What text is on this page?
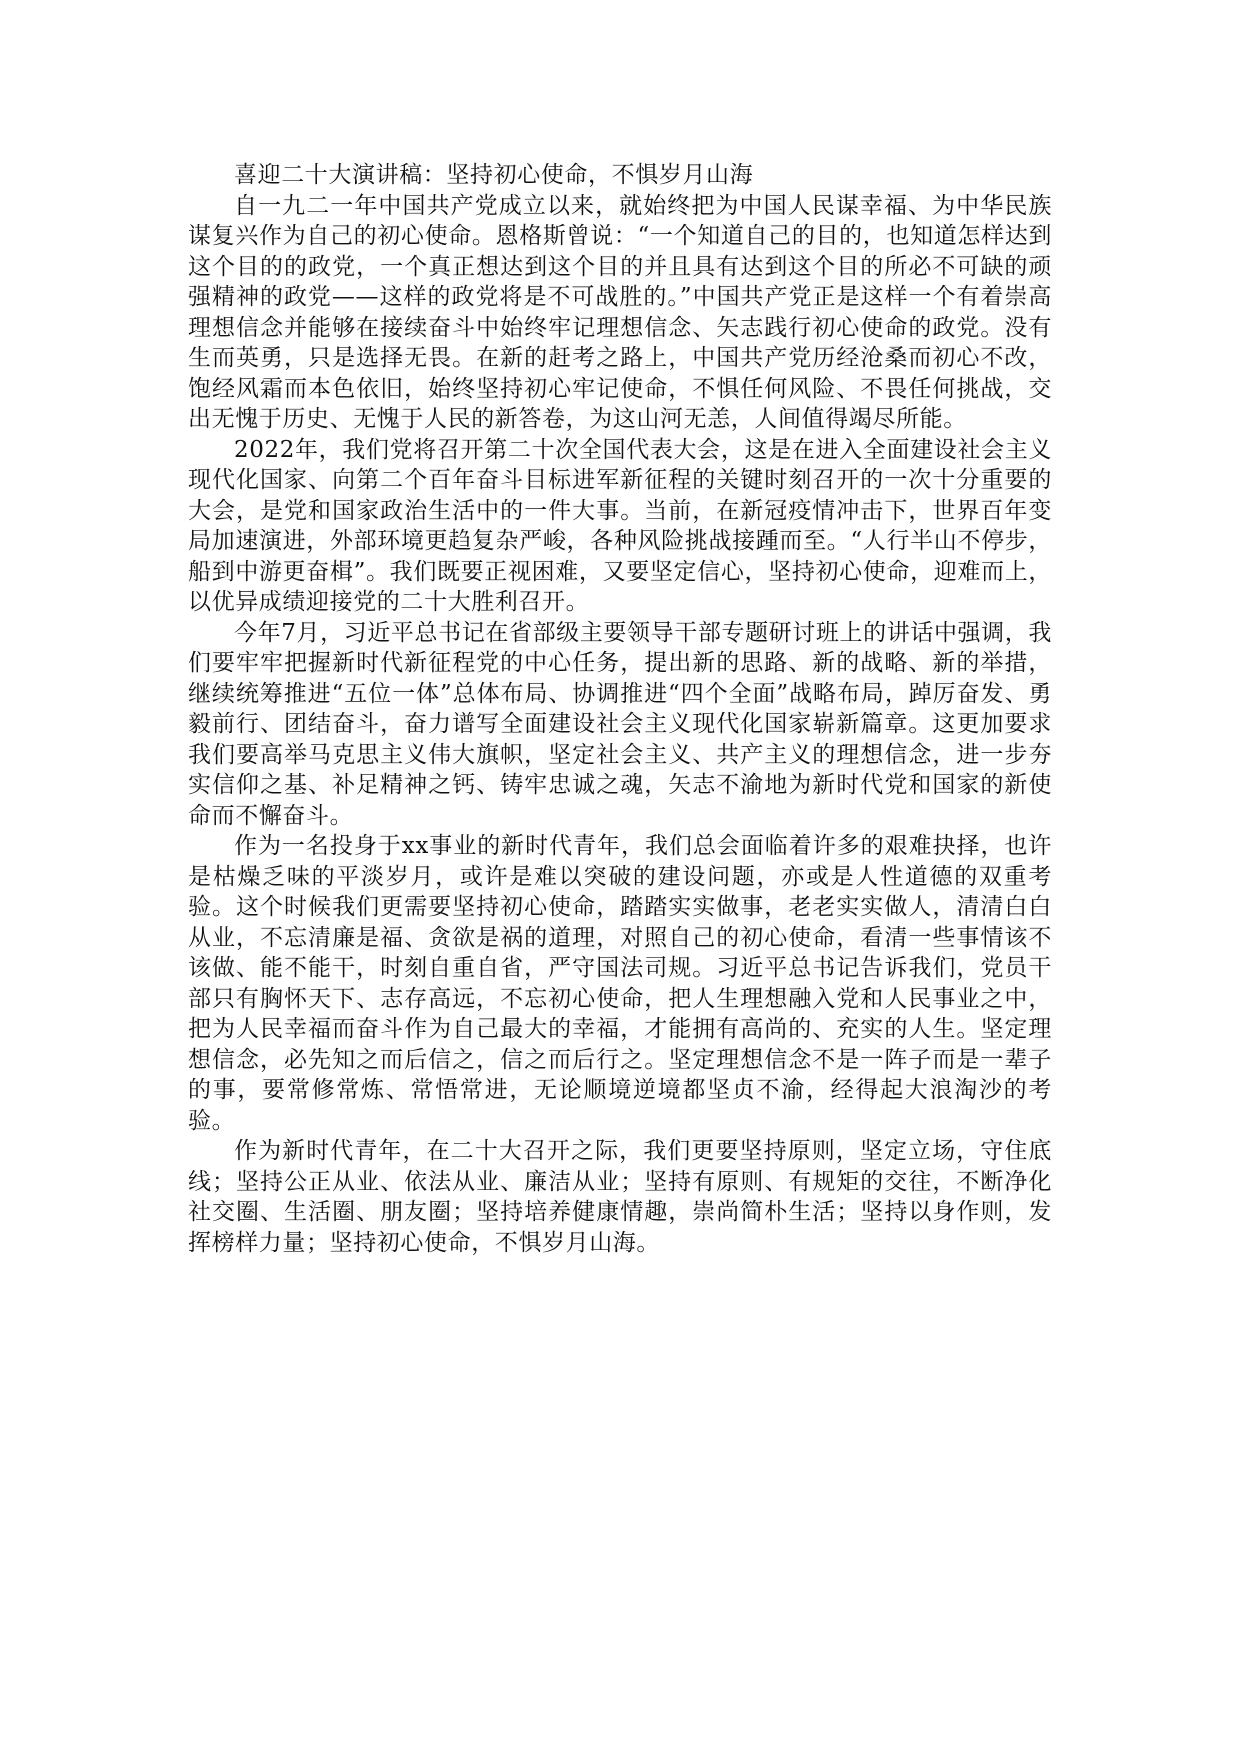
喜迎二十大演讲稿：坚持初心使命，不惧岁月山海

自一九二一年中国共产党成立以来，就始终把为中国人民谋幸福、为中华民族谋复兴作为自己的初心使命。恩格斯曾说：“一个知道自己的目的，也知道怎样达到这个目的的政党，一个真正想达到这个目的并且具有达到这个目的所必不可缺的顽强精神的政党——这样的政党将是不可战胜的。”中国共产党正是这样一个有着崇高理想信念并能够在接续奋斗中始终牢记理想信念、矢志践行初心使命的政党。没有生而英勇，只是选择无畏。在新的赶考之路上，中国共产党历经沧桑而初心不改，饱经风霜而本色依旧，始终坚持初心牢记使命，不惧任何风险、不畏任何挑战，交出无愧于历史、无愧于人民的新答卷，为这山河无恙，人间值得竭尽所能。

2022年，我们党将召开第二十次全国代表大会，这是在进入全面建设社会主义现代化国家、向第二个百年奋斗目标进军新征程的关键时刻召开的一次十分重要的大会，是党和国家政治生活中的一件大事。当前，在新冠疫情冲击下，世界百年变局加速演进，外部环境更趋复杂严峻，各种风险挑战接踵而至。“人行半山不停步，船到中游更奋楫”。我们既要正视困难，又要坚定信心，坚持初心使命，迎难而上，以优异成绩迎接党的二十大胜利召开。

今年7月，习近平总书记在省部级主要领导干部专题研讨班上的讲话中强调，我们要牢牢把握新时代新征程党的中心任务，提出新的思路、新的战略、新的举措，继续统筹推进“五位一体”总体布局、协调推进“四个全面”战略布局，踔厉奋发、勇毅前行、团结奋斗，奋力谱写全面建设社会主义现代化国家崭新篇章。这更加要求我们要高举马克思主义伟大旗帜，坚定社会主义、共产主义的理想信念，进一步夯实信仰之基、补足精神之钙、铸牢忠诚之魂，矢志不渝地为新时代党和国家的新使命而不懈奋斗。

作为一名投身于xx事业的新时代青年，我们总会面临着许多的艰难抉择，也许是枯燥乏味的平淡岁月，或许是难以突破的建设问题，亦或是人性道德的双重考验。这个时候我们更需要坚持初心使命，踏踏实实做事，老老实实做人，清清白白从业，不忘清廉是福、贪欲是祸的道理，对照自己的初心使命，看清一些事情该不该做、能不能干，时刻自重自省，严守国法司规。习近平总书记告诉我们，党员干部只有胸怀天下、志存高远，不忘初心使命，把人生理想融入党和人民事业之中，把为人民幸福而奋斗作为自己最大的幸福，才能拥有高尚的、充实的人生。坚定理想信念，必先知之而后信之，信之而后行之。坚定理想信念不是一阵子而是一辈子的事，要常修常炼、常悟常进，无论顺境逆境都坚贞不渝，经得起大浪淘沙的考验。

作为新时代青年，在二十大召开之际，我们更要坚持原则，坚定立场，守住底线；坚持公正从业、依法从业、廉洁从业；坚持有原则、有规矩的交往，不断净化社交圈、生活圈、朋友圈；坚持培养健康情趣，崇尚简朴生活；坚持以身作则，发挥榜样力量；坚持初心使命，不惧岁月山海。
